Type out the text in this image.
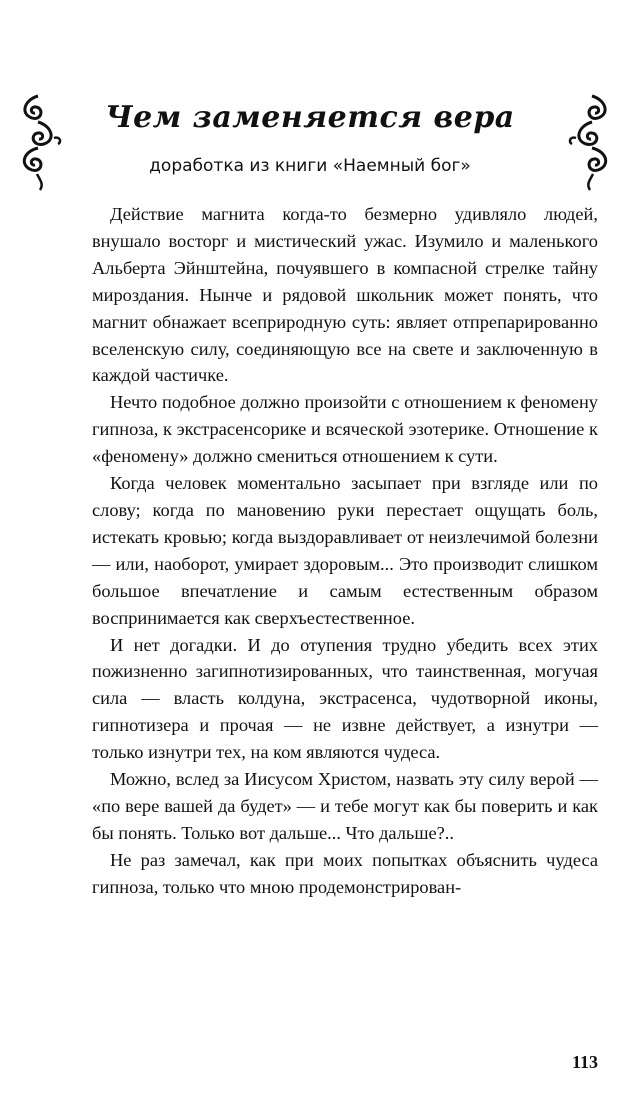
Чем заменяется вера

доработка из книги «Наемный бог»

Действие магнита когда-то безмерно удивляло людей, внушало восторг и мистический ужас. Изумило и маленького Альберта Эйнштейна, почуявшего в компасной стрелке тайну мироздания. Нынче и рядовой школьник может понять, что магнит обнажает всеприродную суть: являет отпрепарированно вселенскую силу, соединяющую все на свете и заключенную в каждой частичке.

Нечто подобное должно произойти с отношением к феномену гипноза, к экстрасенсорике и всяческой эзотерике. Отношение к «феномену» должно смениться отношением к сути.

Когда человек моментально засыпает при взгляде или по слову; когда по мановению руки перестает ощущать боль, истекать кровью; когда выздоравливает от неизлечимой болезни — или, наоборот, умирает здоровым... Это производит слишком большое впечатление и самым естественным образом воспринимается как сверхъестественное.

И нет догадки. И до отупения трудно убедить всех этих пожизненно загипнотизированных, что таинственная, могучая сила — власть колдуна, экстрасенса, чудотворной иконы, гипнотизера и прочая — не извне действует, а изнутри — только изнутри тех, на ком являются чудеса.

Можно, вслед за Иисусом Христом, назвать эту силу верой — «по вере вашей да будет» — и тебе могут как бы поверить и как бы понять. Только вот дальше... Что дальше?..

Не раз замечал, как при моих попытках объяснить чудеса гипноза, только что мною продемонстрирован-

113
